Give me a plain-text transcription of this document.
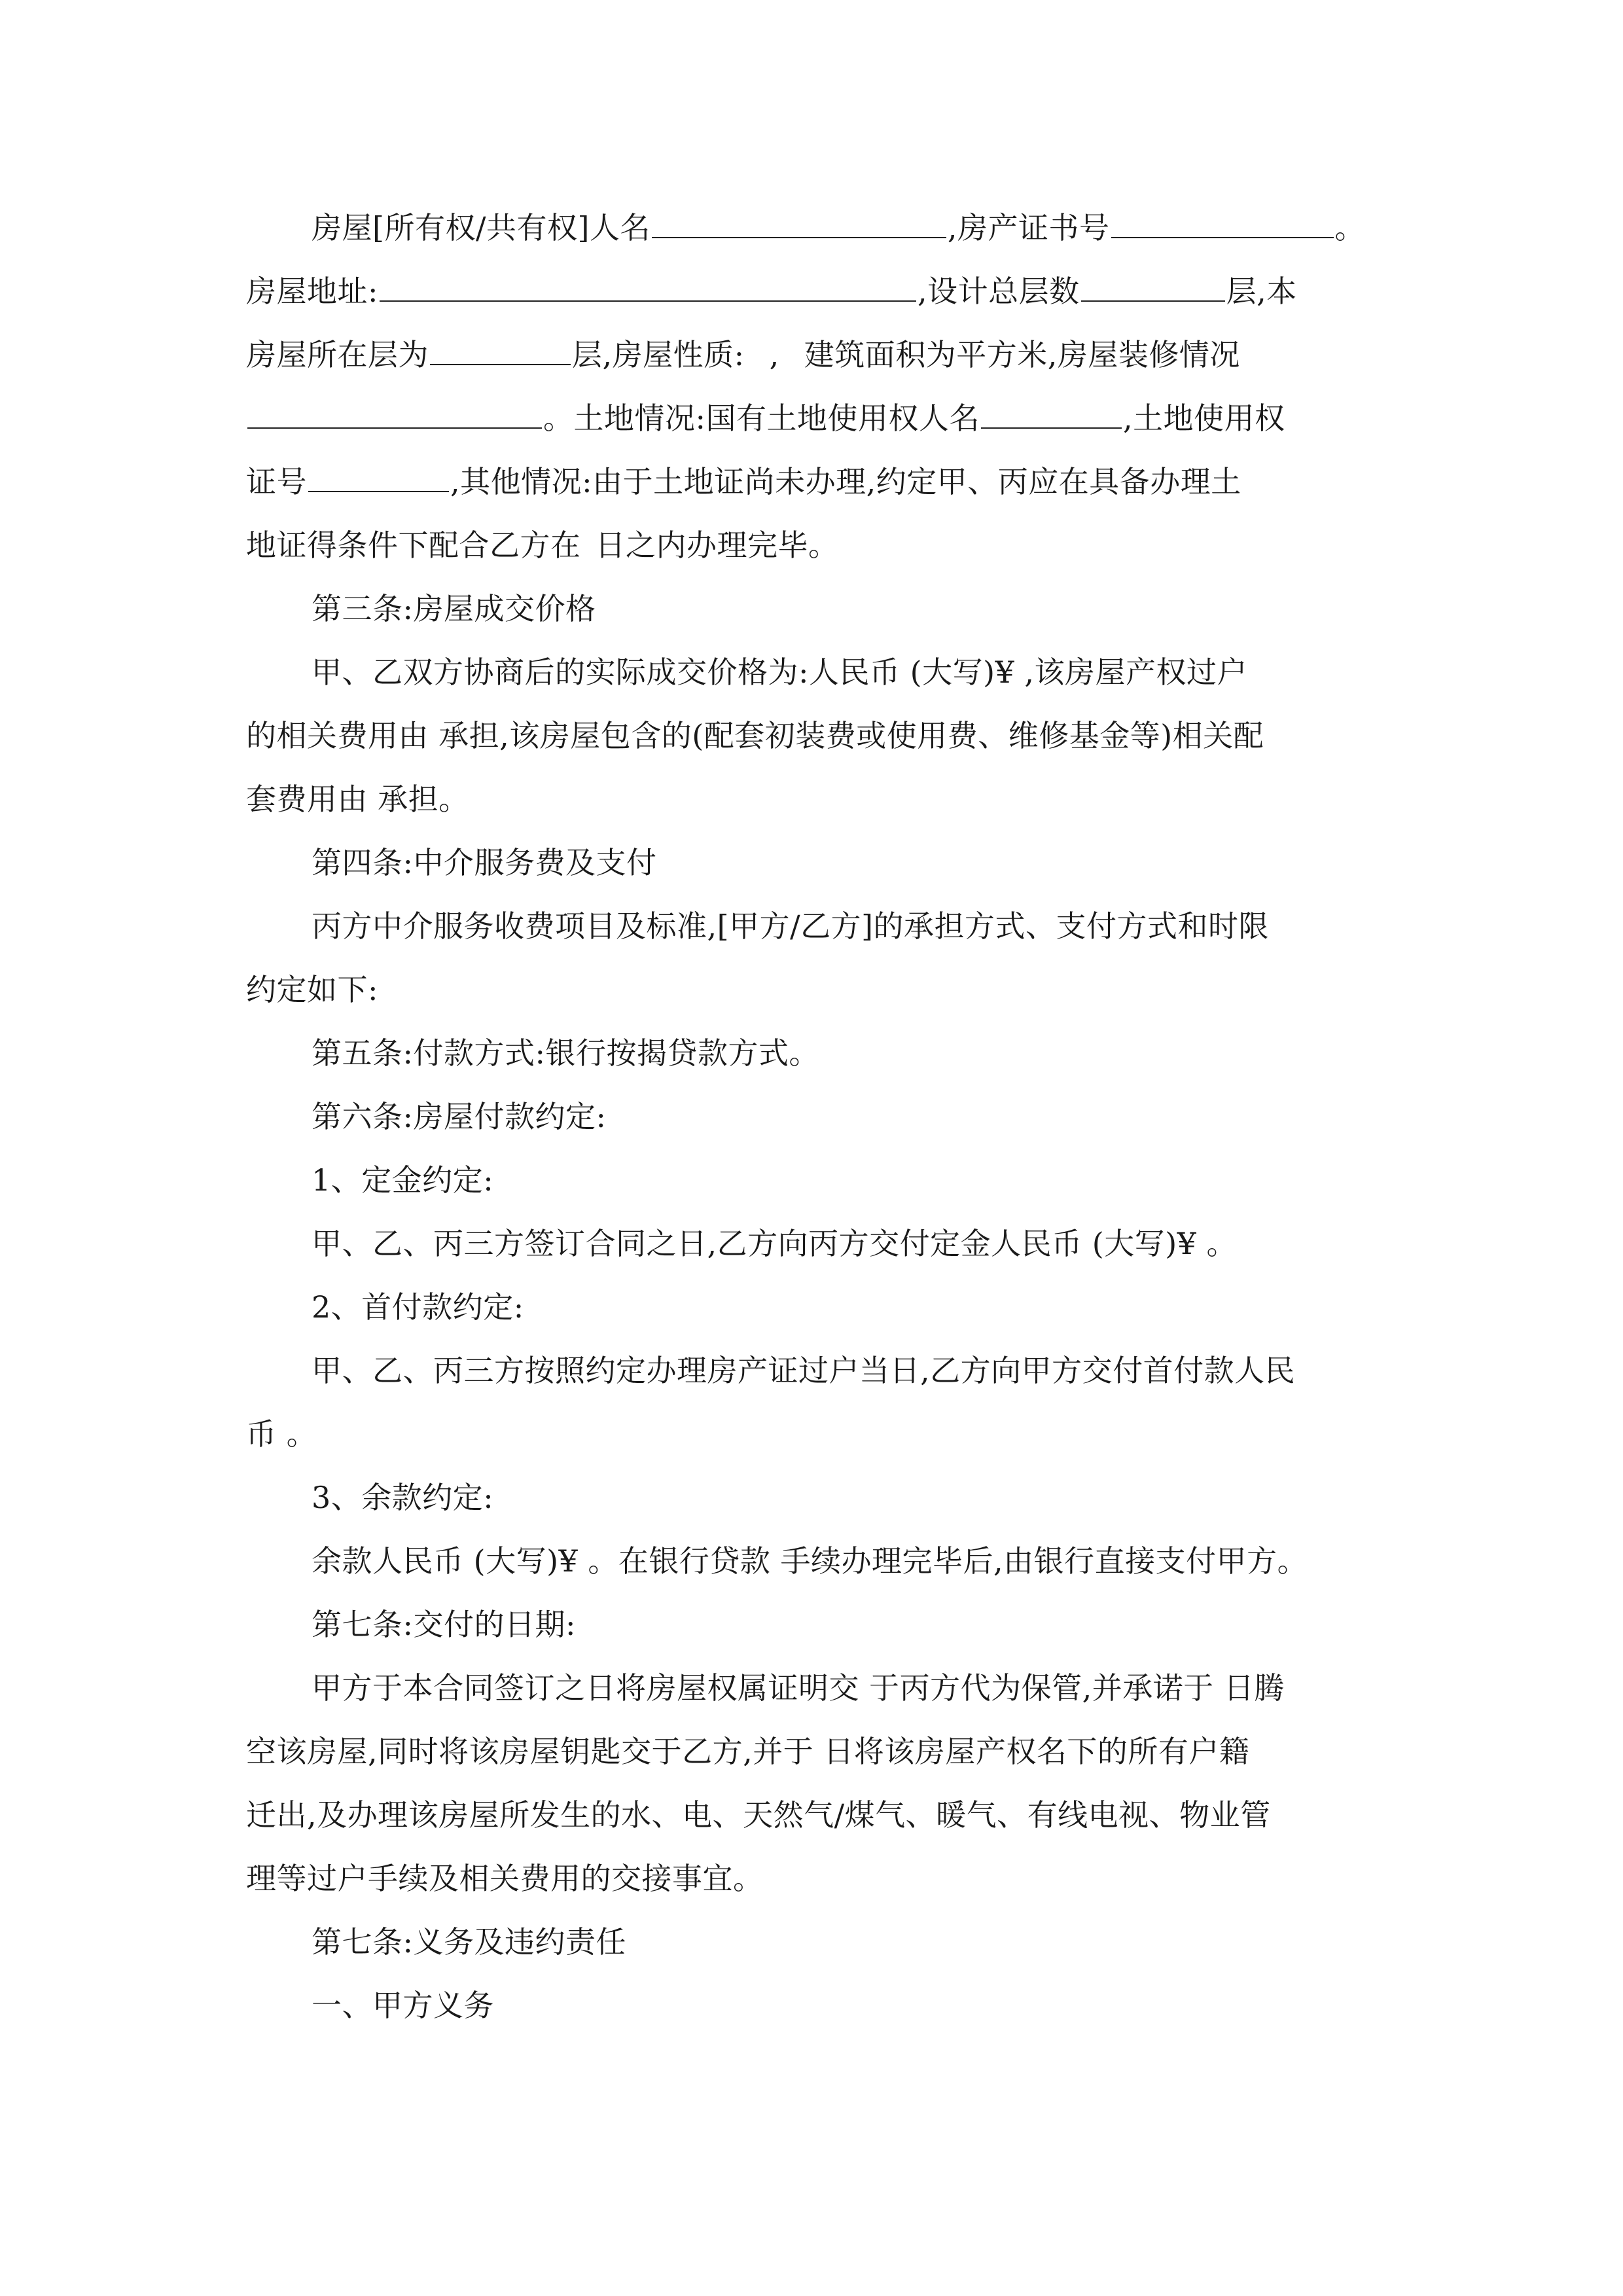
房屋[所有权/共有权]人名	,房产证书号	。

房屋地址:	,设计总层数	层,本

房屋所在层为	层,房屋性质: , 建筑面积为平方米,房屋装修情况

。土地情况:国有土地使用权人名	,土地使用权

证号	,其他情况:由于土地证尚未办理,约定甲、丙应在具备办理土

地证得条件下配合乙方在 日之内办理完毕。

第三条:房屋成交价格

甲、乙双方协商后的实际成交价格为:人民币 (大写)¥ ,该房屋产权过户

的相关费用由 承担,该房屋包含的(配套初装费或使用费、维修基金等)相关配

套费用由 承担。

第四条:中介服务费及支付

丙方中介服务收费项目及标准,[甲方/乙方]的承担方式、支付方式和时限

约定如下:

第五条:付款方式:银行按揭贷款方式。

第六条:房屋付款约定:

1、定金约定:

甲、乙、丙三方签订合同之日,乙方向丙方交付定金人民币 (大写)¥ 。

2、首付款约定:

甲、乙、丙三方按照约定办理房产证过户当日,乙方向甲方交付首付款人民

币 。

3、余款约定:

余款人民币 (大写)¥ 。在银行贷款 手续办理完毕后,由银行直接支付甲方。

第七条:交付的日期:

甲方于本合同签订之日将房屋权属证明交 于丙方代为保管,并承诺于 日腾

空该房屋,同时将该房屋钥匙交于乙方,并于 日将该房屋产权名下的所有户籍

迁出,及办理该房屋所发生的水、电、天然气/煤气、暖气、有线电视、物业管

理等过户手续及相关费用的交接事宜。

第七条:义务及违约责任

一、甲方义务
